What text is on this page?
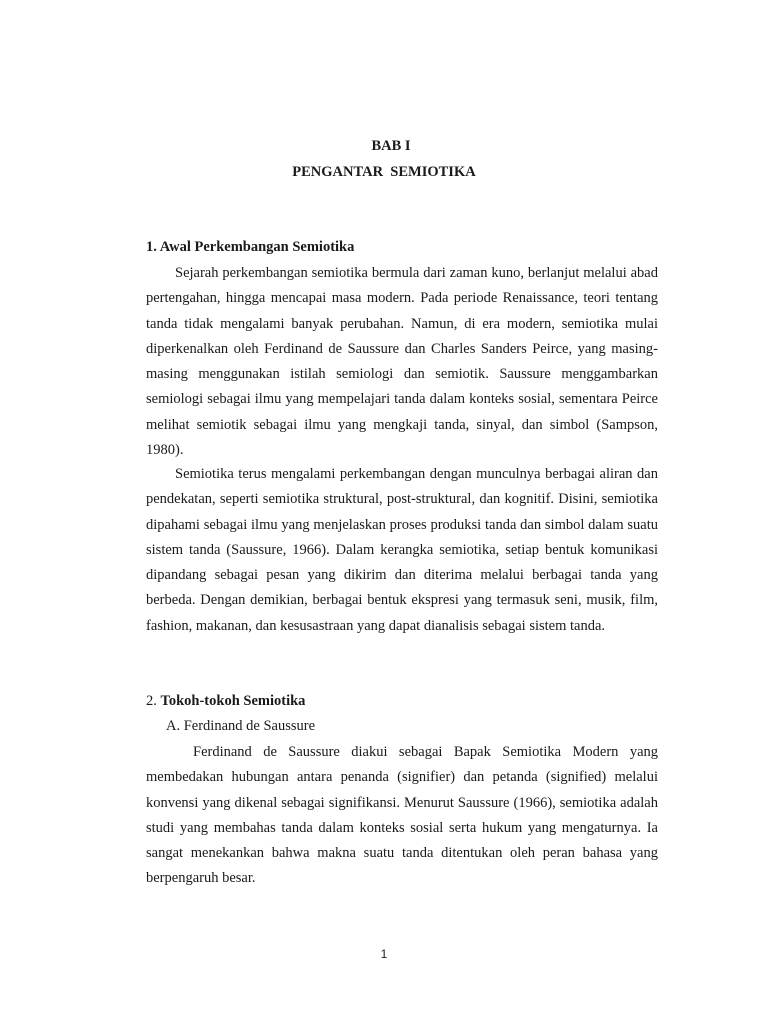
BAB I
PENGANTAR  SEMIOTIKA
1. Awal Perkembangan Semiotika

Sejarah perkembangan semiotika bermula dari zaman kuno, berlanjut melalui abad pertengahan, hingga mencapai masa modern. Pada periode Renaissance, teori tentang tanda tidak mengalami banyak perubahan. Namun, di era modern, semiotika mulai diperkenalkan oleh Ferdinand de Saussure dan Charles Sanders Peirce, yang masing-masing menggunakan istilah semiologi dan semiotik. Saussure menggambarkan semiologi sebagai ilmu yang mempelajari tanda dalam konteks sosial, sementara Peirce melihat semiotik sebagai ilmu yang mengkaji tanda, sinyal, dan simbol (Sampson, 1980).

Semiotika terus mengalami perkembangan dengan munculnya berbagai aliran dan pendekatan, seperti semiotika struktural, post-struktural, dan kognitif. Disini, semiotika dipahami sebagai ilmu yang menjelaskan proses produksi tanda dan simbol dalam suatu sistem tanda (Saussure, 1966). Dalam kerangka semiotika, setiap bentuk komunikasi dipandang sebagai pesan yang dikirim dan diterima melalui berbagai tanda yang berbeda. Dengan demikian, berbagai bentuk ekspresi yang termasuk seni, musik, film, fashion, makanan, dan kesusastraan yang dapat dianalisis sebagai sistem tanda.

2. Tokoh-tokoh Semiotika
A. Ferdinand de Saussure

Ferdinand de Saussure diakui sebagai Bapak Semiotika Modern yang membedakan hubungan antara penanda (signifier) dan petanda (signified) melalui konvensi yang dikenal sebagai signifikansi. Menurut Saussure (1966), semiotika adalah studi yang membahas tanda dalam konteks sosial serta hukum yang mengaturnya. Ia sangat menekankan bahwa makna suatu tanda ditentukan oleh peran bahasa yang berpengaruh besar.

1
